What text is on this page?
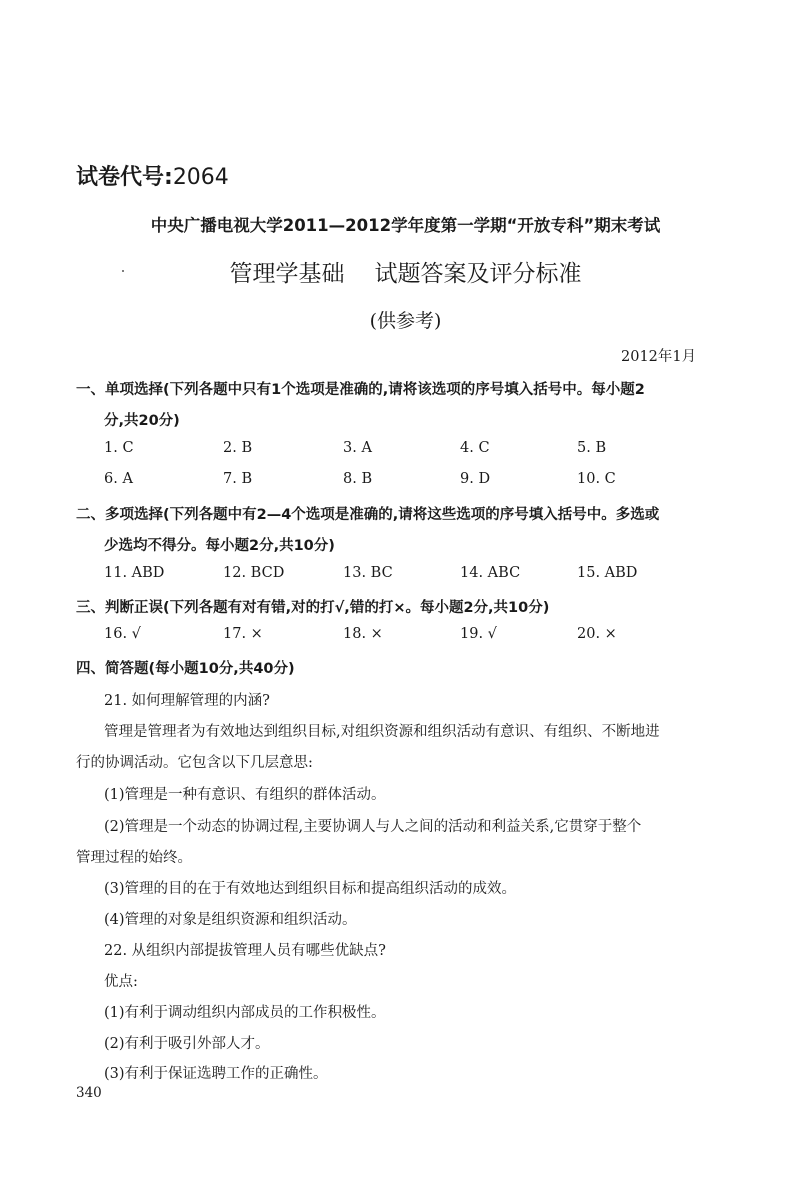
试卷代号:2064
中央广播电视大学2011—2012学年度第一学期“开放专科”期末考试
管理学基础 试题答案及评分标准
(供参考)
2012年1月
一、单项选择(下列各题中只有1个选项是准确的,请将该选项的序号填入括号中。每小题2
分,共20分)
1. C	2. B	3. A	4. C	5. B
6. A	7. B	8. B	9. D	10. C
二、多项选择(下列各题中有2—4个选项是准确的,请将这些选项的序号填入括号中。多选或
少选均不得分。每小题2分,共10分)
11. ABD	12. BCD	13. BC	14. ABC	15. ABD
三、判断正误(下列各题有对有错,对的打√,错的打×。每小题2分,共10分)
16. √	17. ×	18. ×	19. √	20. ×
四、简答题(每小题10分,共40分)
21. 如何理解管理的内涵?
管理是管理者为有效地达到组织目标,对组织资源和组织活动有意识、有组织、不断地进
行的协调活动。它包含以下几层意思:
(1)管理是一种有意识、有组织的群体活动。
(2)管理是一个动态的协调过程,主要协调人与人之间的活动和利益关系,它贯穿于整个
管理过程的始终。
(3)管理的目的在于有效地达到组织目标和提高组织活动的成效。
(4)管理的对象是组织资源和组织活动。
22. 从组织内部提拔管理人员有哪些优缺点?
优点:
(1)有利于调动组织内部成员的工作积极性。
(2)有利于吸引外部人才。
(3)有利于保证选聘工作的正确性。
340
